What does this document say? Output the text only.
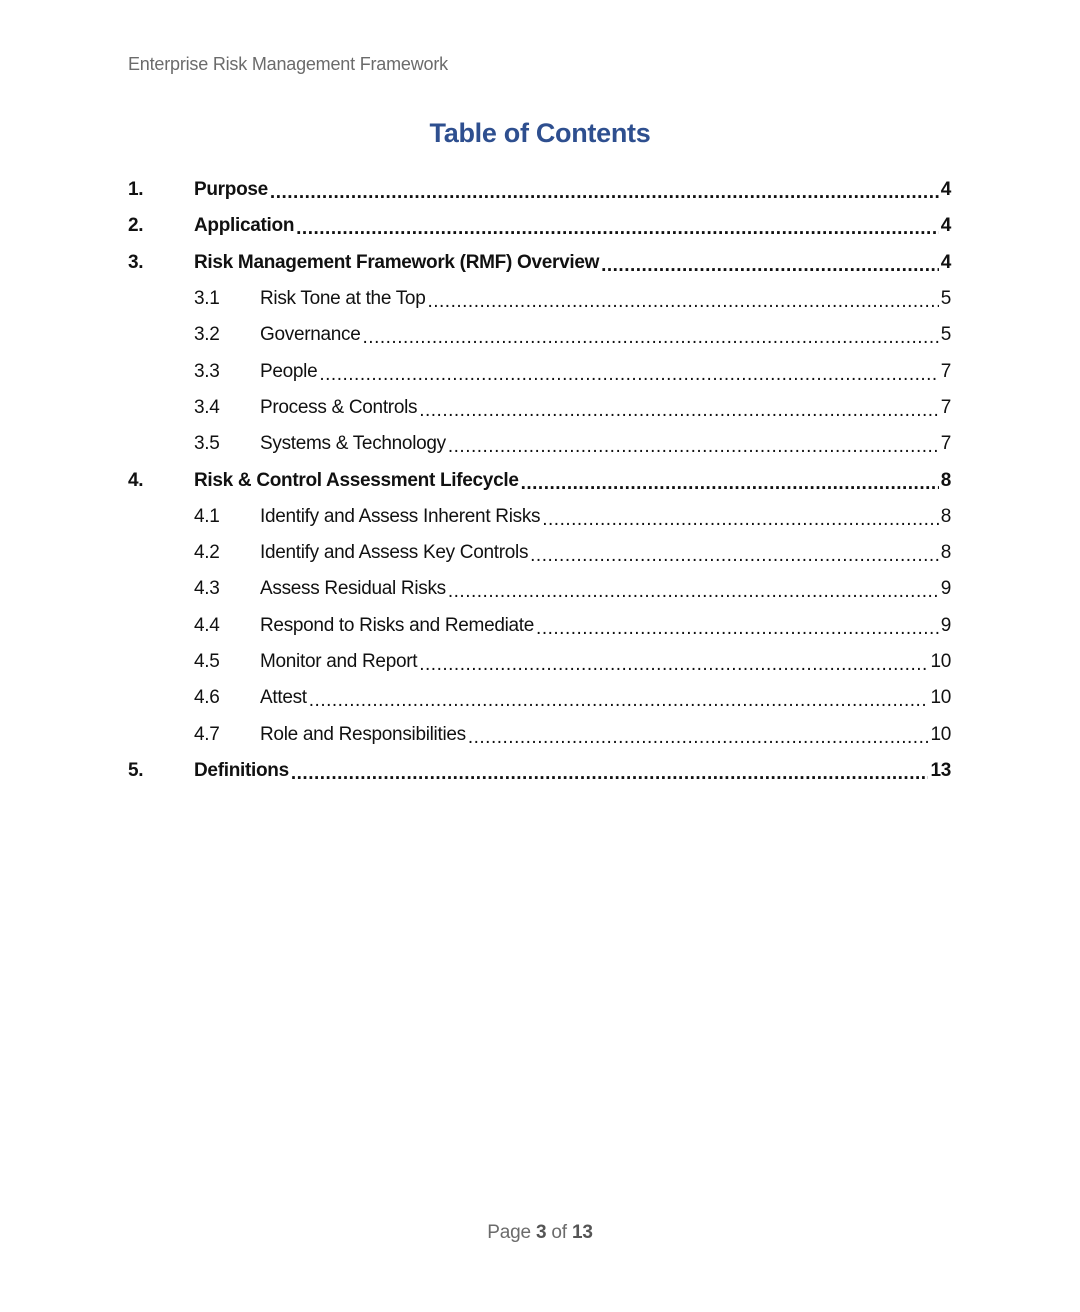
Enterprise Risk Management Framework
Table of Contents
1.	Purpose .....	4
2.	Application .....	4
3.	Risk Management Framework (RMF) Overview .....	4
3.1	Risk Tone at the Top .....	5
3.2	Governance .....	5
3.3	People .....	7
3.4	Process & Controls .....	7
3.5	Systems & Technology .....	7
4.	Risk & Control Assessment Lifecycle .....	8
4.1	Identify and Assess Inherent Risks .....	8
4.2	Identify and Assess Key Controls .....	8
4.3	Assess Residual Risks .....	9
4.4	Respond to Risks and Remediate .....	9
4.5	Monitor and Report .....	10
4.6	Attest .....	10
4.7	Role and Responsibilities .....	10
5.	Definitions .....	13
Page 3 of 13
